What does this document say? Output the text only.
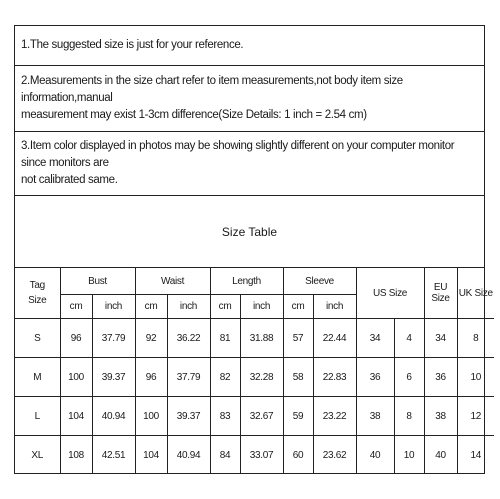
1.The suggested size is just for your reference.
2.Measurements in the size chart refer to item measurements,not body item size information,manual
measurement may exist 1-3cm difference(Size Details: 1 inch = 2.54 cm)
3.Item color displayed in photos may be showing slightly different on your computer monitor since monitors are
not calibrated same.
Size Table
Tag
Size	Bust		Waist		Length		Sleeve		US Size		EU Size	UK Size
	cm	inch	cm	inch	cm	inch	cm	inch				
S	96	37.79	92	36.22	81	31.88	57	22.44	34	4	34	8
M	100	39.37	96	37.79	82	32.28	58	22.83	36	6	36	10
L	104	40.94	100	39.37	83	32.67	59	23.22	38	8	38	12
XL	108	42.51	104	40.94	84	33.07	60	23.62	40	10	40	14
